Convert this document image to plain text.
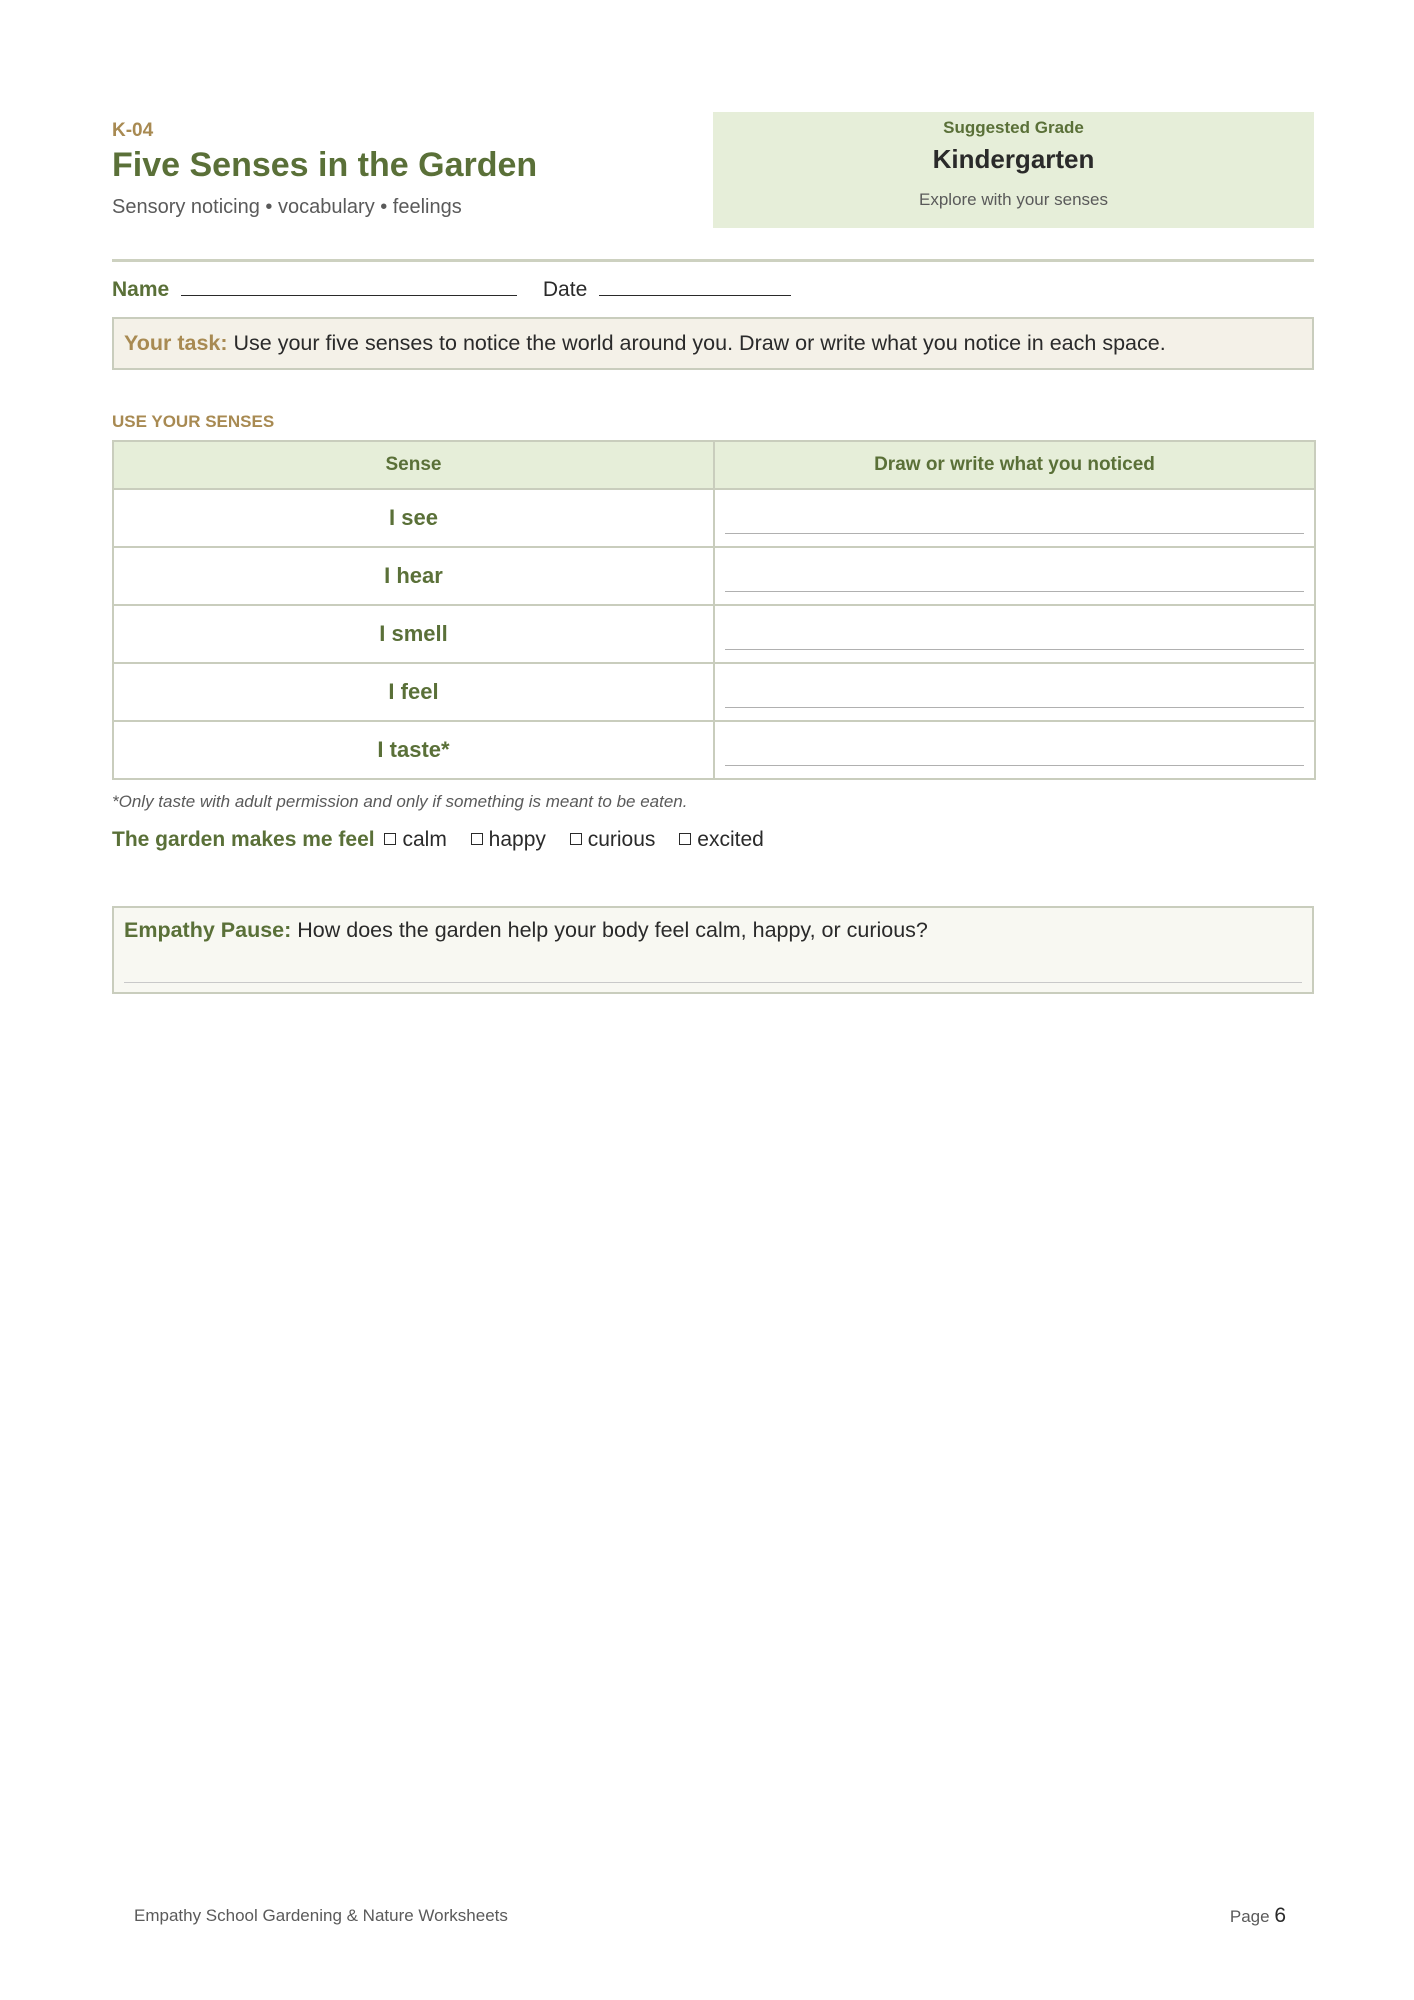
K-04
Five Senses in the Garden
Sensory noticing • vocabulary • feelings
Suggested Grade
Kindergarten
Explore with your senses
Name	Date
Your task: Use your five senses to notice the world around you. Draw or write what you notice in each space.
USE YOUR SENSES
Sense	Draw or write what you noticed
I see	

I hear	

I smell	

I feel	

I taste*	
*Only taste with adult permission and only if something is meant to be eaten.
The garden makes me feel calm happy curious excited
Empathy Pause: How does the garden help your body feel calm, happy, or curious?
Empathy School Gardening & Nature Worksheets	Page 6
